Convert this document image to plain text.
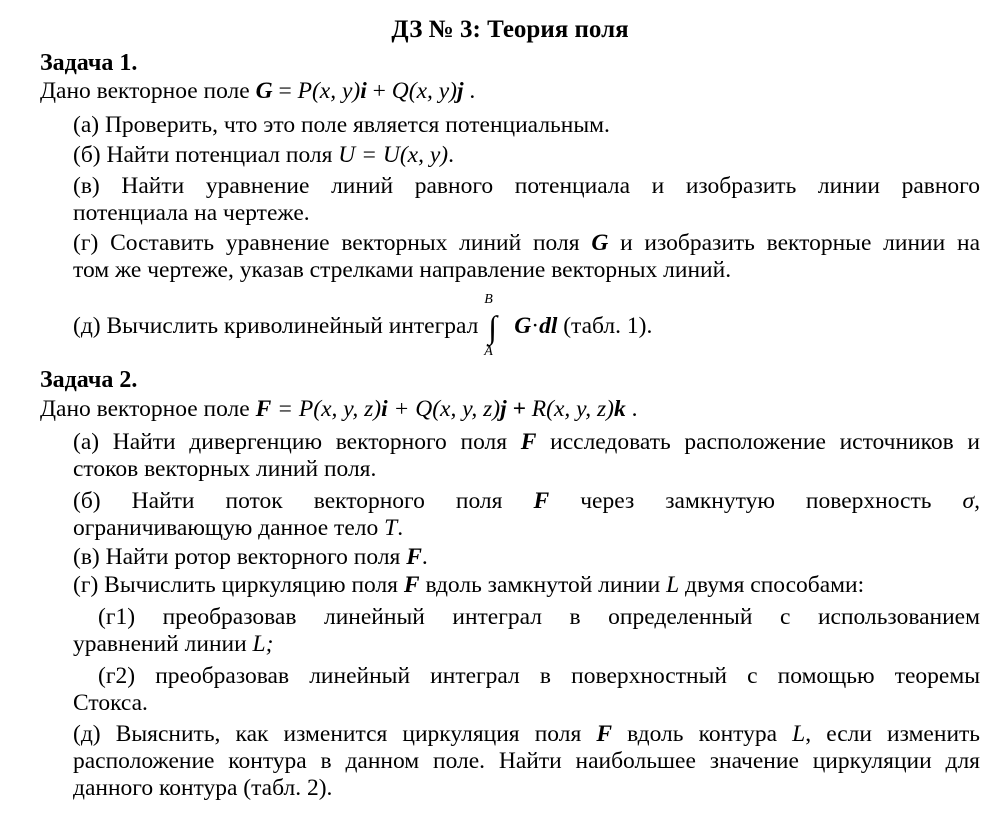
ДЗ № 3: Теория поля
Задача 1.
Дано векторное поле G = P(x, y)i + Q(x, y)j .
(а) Проверить, что это поле является потенциальным.
(б) Найти потенциал поля U = U(x, y).
(в) Найти уравнение линий равного потенциала и изобразить линии равного
потенциала на чертеже.
(г) Составить уравнение векторных линий поля G и изобразить векторные линии на
том же чертеже, указав стрелками направление векторных линий.
(д) Вычислить криволинейный интеграл
B
∫
A
G·dl (табл. 1).
Задача 2.
Дано векторное поле F = P(x, y, z)i + Q(x, y, z)j + R(x, y, z)k .
(а) Найти дивергенцию векторного поля F исследовать расположение источников и
стоков векторных линий поля.
(б) Найти поток векторного поля F через замкнутую поверхность σ,
ограничивающую данное тело T.
(в) Найти ротор векторного поля F.
(г) Вычислить циркуляцию поля F вдоль замкнутой линии L двумя способами:
(г1) преобразовав линейный интеграл в определенный с использованием
уравнений линии L;
(г2) преобразовав линейный интеграл в поверхностный с помощью теоремы
Стокса.
(д) Выяснить, как изменится циркуляция поля F вдоль контура L, если изменить
расположение контура в данном поле. Найти наибольшее значение циркуляции для
данного контура (табл. 2).
